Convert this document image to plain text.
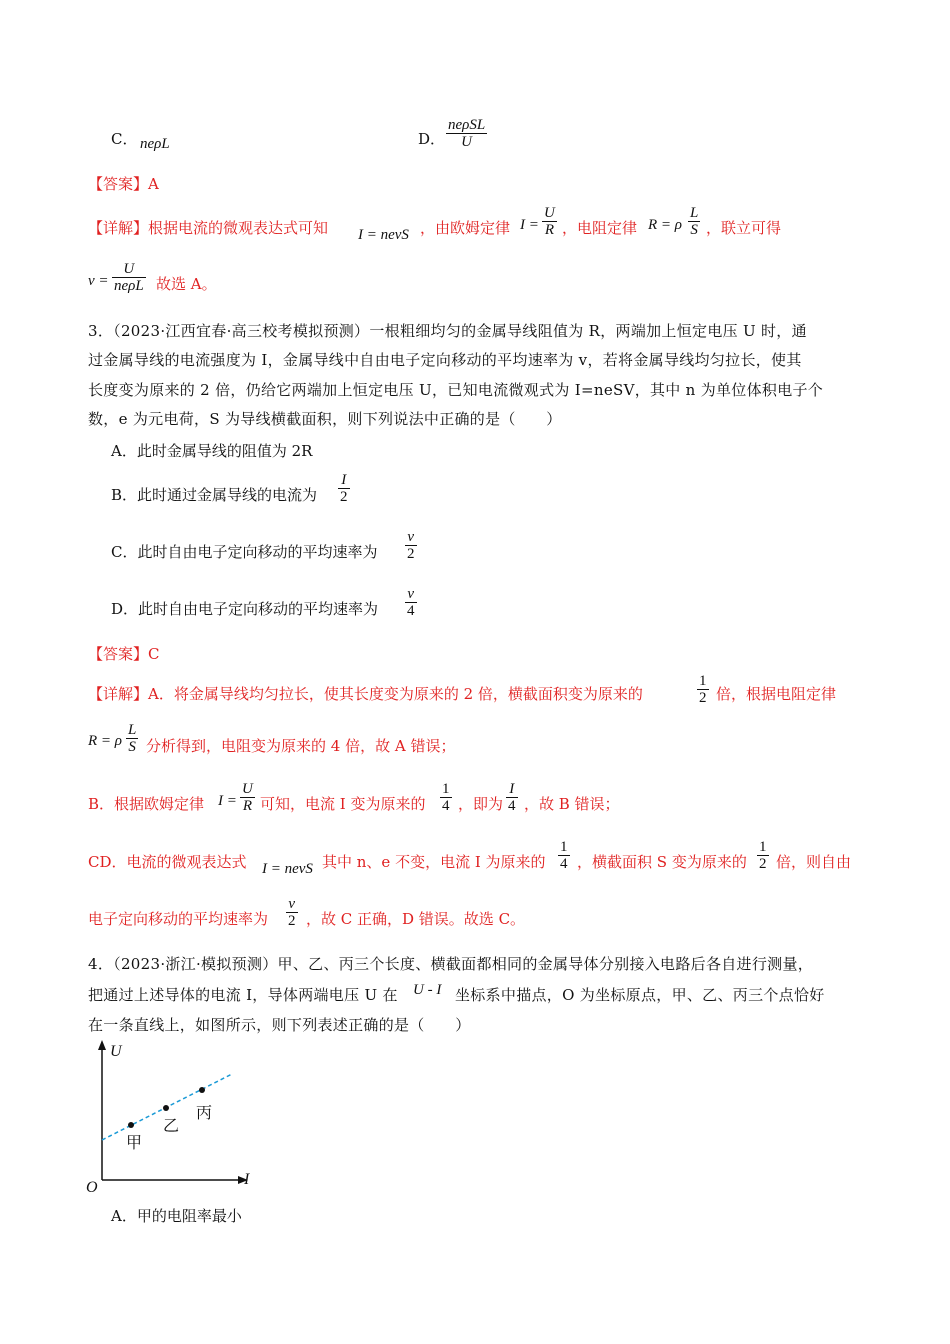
C． neρL	D．
neρSL
U
【答案】A
【详解】根据电流的微观表达式可知 I = nevS ，由欧姆定律 $I = \frac{U}{R}$ ，电阻定律 R = ρ $\frac{L}{S}$ ，联立可得
v =
U
neρL 故选 A。
3．（2023·江西宜春·高三校考模拟预测）一根粗细均匀的金属导线阻值为 R，两端加上恒定电压 U 时，通
过金属导线的电流强度为 I，金属导线中自由电子定向移动的平均速率为 v，若将金属导线均匀拉长，使其
长度变为原来的 2 倍，仍给它两端加上恒定电压 U，已知电流微观式为 I=neSV，其中 n 为单位体积电子个
数，e 为元电荷，S 为导线横截面积，则下列说法中正确的是（　　）
A．此时金属导线的阻值为 2R
B．此时通过金属导线的电流为 $\frac{I}{2}$
C．此时自由电子定向移动的平均速率为 $\frac{v}{2}$
D．此时自由电子定向移动的平均速率为 $\frac{v}{4}$
【答案】C
【详解】A．将金属导线均匀拉长，使其长度变为原来的 2 倍，横截面积变为原来的	$\frac{1}{2}$ 倍，根据电阻定律
R = ρ $\frac{L}{S}$ 分析得到，电阻变为原来的 4 倍，故 A 错误；
B．根据欧姆定律 $I = \frac{U}{R}$ 可知，电流 I 变为原来的 $\frac{1}{4}$ ，即为 $\frac{I}{4}$ ，故 B 错误；
CD．电流的微观表达式 I = nevS 其中 n、e 不变，电流 I 为原来的 $\frac{1}{4}$ ，横截面积 S 变为原来的 $\frac{1}{2}$ 倍，则自由
电子定向移动的平均速率为 $\frac{v}{2}$ ，故 C 正确，D 错误。故选 C。
4．（2023·浙江·模拟预测）甲、乙、丙三个长度、横截面都相同的金属导体分别接入电路后各自进行测量，
把通过上述导体的电流 I，导体两端电压 U 在 U - I 坐标系中描点，O 为坐标原点，甲、乙、丙三个点恰好
在一条直线上，如图所示，则下列表述正确的是（　　）
U
I
O
甲
乙
丙
A．甲的电阻率最小
